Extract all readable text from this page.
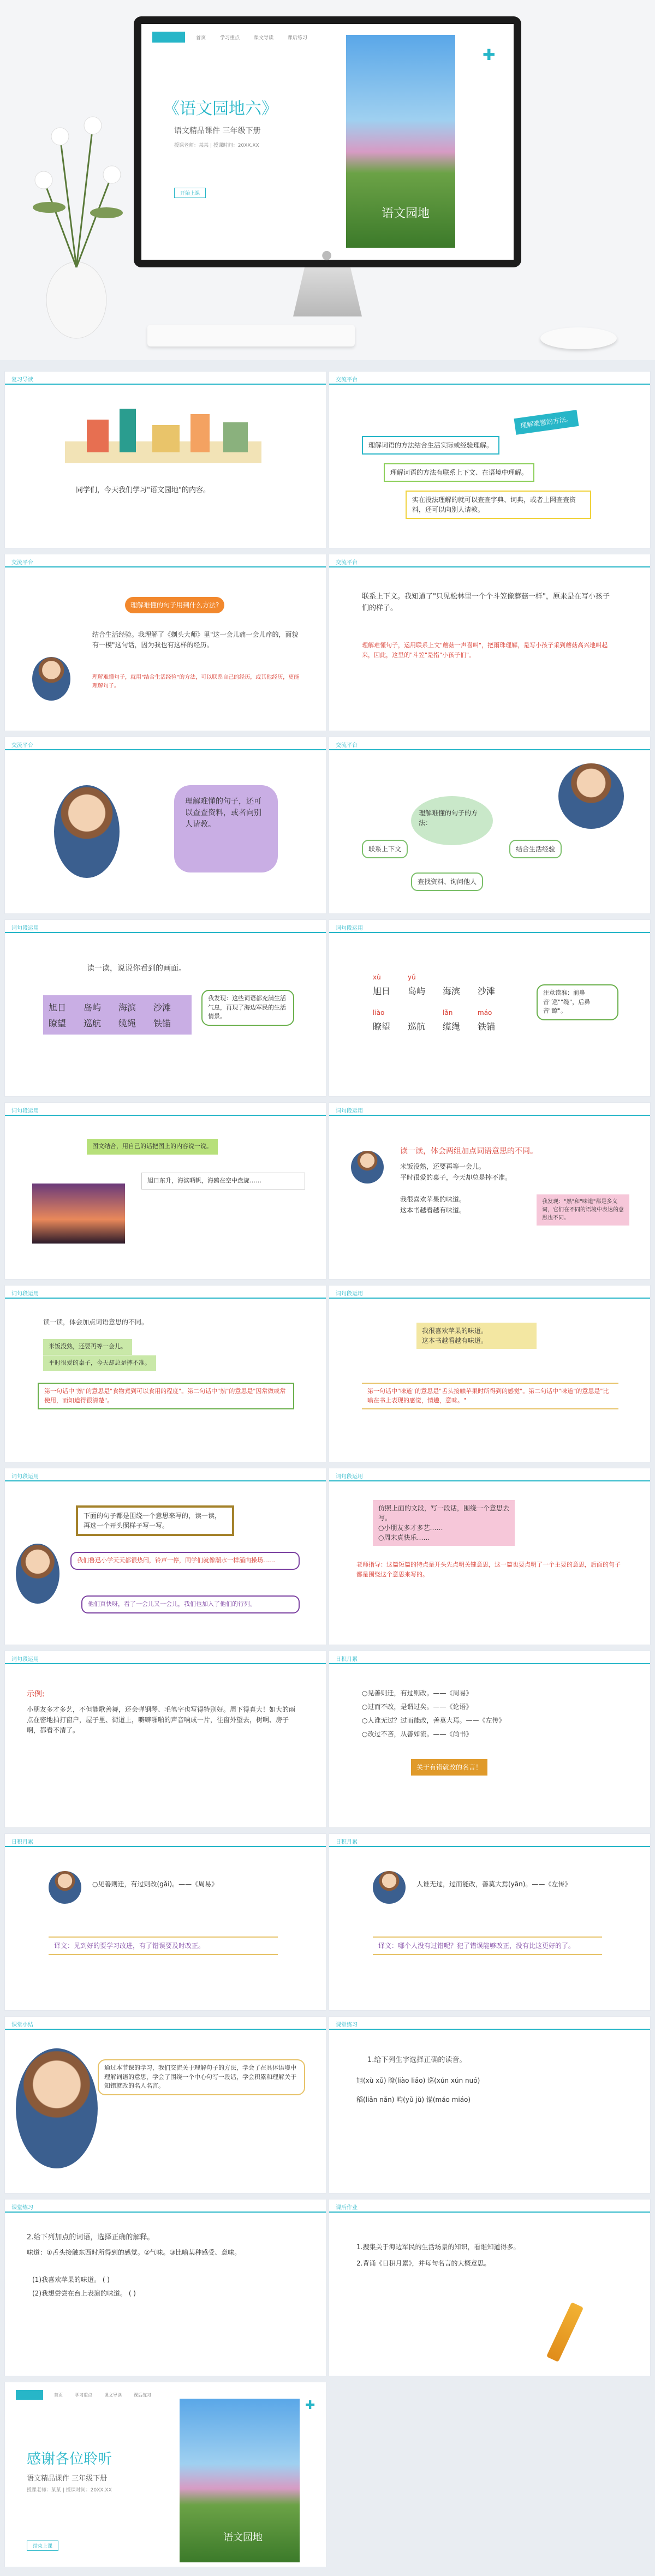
首页	学习重点	课文导读	课后练习
《语文园地六》
语文精品课件 三年级下册
授课老师：某某 | 授课时间：20XX.XX
开始上课
语文园地
✚
●
复习导读
同学们，今天我们学习"语文园地"的内容。
交流平台
理解难懂的方法。
理解词语的方法结合生活实际或经验理解。
理解词语的方法有联系上下文、在语境中理解。
实在没法理解的就可以查查字典、词典，或者上网查查资料，还可以向别人请教。
交流平台
理解难懂的句子用到什么方法?
结合生活经验。我理解了《剃头大师》里"这一会儿痛一会儿痒的，面貌有一模"这句话，因为我也有这样的经历。
理解难懂句子，就用"结合生活经验"的方法，可以联系自己的经历，或其他经历，更能理解句子。
交流平台
联系上下文。我知道了"只见松林里一个个斗笠像蘑菇一样"，原来是在写小孩子们的样子。
理解难懂句子，运用联系上文"蘑菇一声喜叫"，把雨珠理解，是写小孩子采到蘑菇高兴地叫起来，因此，这里的"斗笠"是指"小孩子们"。
交流平台
理解难懂的句子，还可以查查资料，或者向别人请教。
交流平台
理解难懂的句子的方法：
联系上下文	结合生活经验
查找资料、询问他人
词句段运用
读一读，说说你看到的画面。
旭日	岛屿	海滨	沙滩
瞭望	巡航	缆绳	铁锚
我发现：这些词语都充满生活气息，再现了海边军民的生活情景。
词句段运用
xù	yǔ
旭日	岛屿	海滨	沙滩
liào	lǎn	máo
瞭望	巡航	缆绳	铁锚
注意读准：前鼻音"巡""缆"，后鼻音"瞭"。
词句段运用
图文结合，用自己的话把图上的内容说一说。
旭日东升，海滨晒帆，海鸥在空中盘旋……
词句段运用
读一读，体会两组加点词语意思的不同。
米饭没熟，还要再等一会儿。
平时很爱的桌子，今天却总是摔不准。
我很喜欢苹果的味道。
这本书越看越有味道。
我发现："熟"和"味道"都是多义词，它们在不同的语境中表达的意思也不同。
词句段运用
读一读，体会加点词语意思的不同。
米饭没熟，还要再等一会儿。
平时很爱的桌子，今天却总是摔不准。
第一句话中"熟"的意思是"食物煮到可以食用的程度"。第二句话中"熟"的意思是"因常做或常使用，而知道得很清楚"。
词句段运用
我很喜欢苹果的味道。
这本书越看越有味道。
第一句话中"味道"的意思是"舌头接触苹果时所得到的感觉"。第二句话中"味道"的意思是"比喻在书上表现的感觉，情趣，意味。"
词句段运用
下面的句子都是围绕一个意思来写的，读一读，再选一个开头照样子写一写。
我们鲁迅小学天天都很热闹，铃声一停，同学们就像潮水一样涌向操场……
他们真快呀，看了一会儿又一会儿，我们也加入了他们的行列。
词句段运用
仿照上面的文段，写一段话，围绕一个意思去写。
○小朋友多才多艺……
○周末真快乐……
老师指导：这篇短篇的特点是开头先点明关键意思，这一篇也要点明了一个主要的意思，后面的句子都是围绕这个意思来写的。
词句段运用
示例:
小朋友多才多艺，不但能歌善舞，还会弹钢琴、毛笔字也写得特别好。周下得真大！如大的雨点在密地拍打窗户，屋子里、街道上，噼噼啪啪的声音响成一片，往窗外望去，树啊、房子啊，都看不清了。
日积月累
○见善则迁，有过则改。——《周易》
○过而不改，是谓过矣。——《论语》
○人谁无过？过而能改，善莫大焉。——《左传》
○改过不吝，从善如流。——《尚书》
关于有错就改的名言！
日积月累
○见善则迁，有过则改(gǎi)。——《周易》
译文：见到好的要学习改进，有了错误要及时改正。
日积月累
人谁无过，过而能改，善莫大焉(yān)。——《左传》
译文：哪个人没有过错呢？犯了错误能够改正，没有比这更好的了。
课堂小结
通过本节课的学习，我们交流关于理解句子的方法，学会了在具体语境中理解词语的意思，学会了围绕一个中心句写一段话，学会积累和理解关于知错就改的名人名言。
课堂练习
1.给下列生字选择正确的读音。
旭(xù xǔ) 瞭(liào liǎo) 巡(xún xún nuó)
稻(liǎn nǎn) 屿(yǔ jǔ) 锚(máo miáo)
课堂练习
2.给下列加点的词语，选择正确的解释。
味道：①舌头接触东西时所得到的感觉。②气味。③比喻某种感受、意味。
(1)我喜欢苹果的味道。 ( )
(2)我想尝尝在台上表演的味道。 ( )
课后作业
1.搜集关于海边军民的生活场景的知识，看谁知道得多。
2.背诵《日积月累》，并每句名言的大概意思。
首页	学习重点	课文导读	课后练习
感谢各位聆听
语文精品课件 三年级下册
授课老师：某某 | 授课时间：20XX.XX
结束上课
语文园地
✚
